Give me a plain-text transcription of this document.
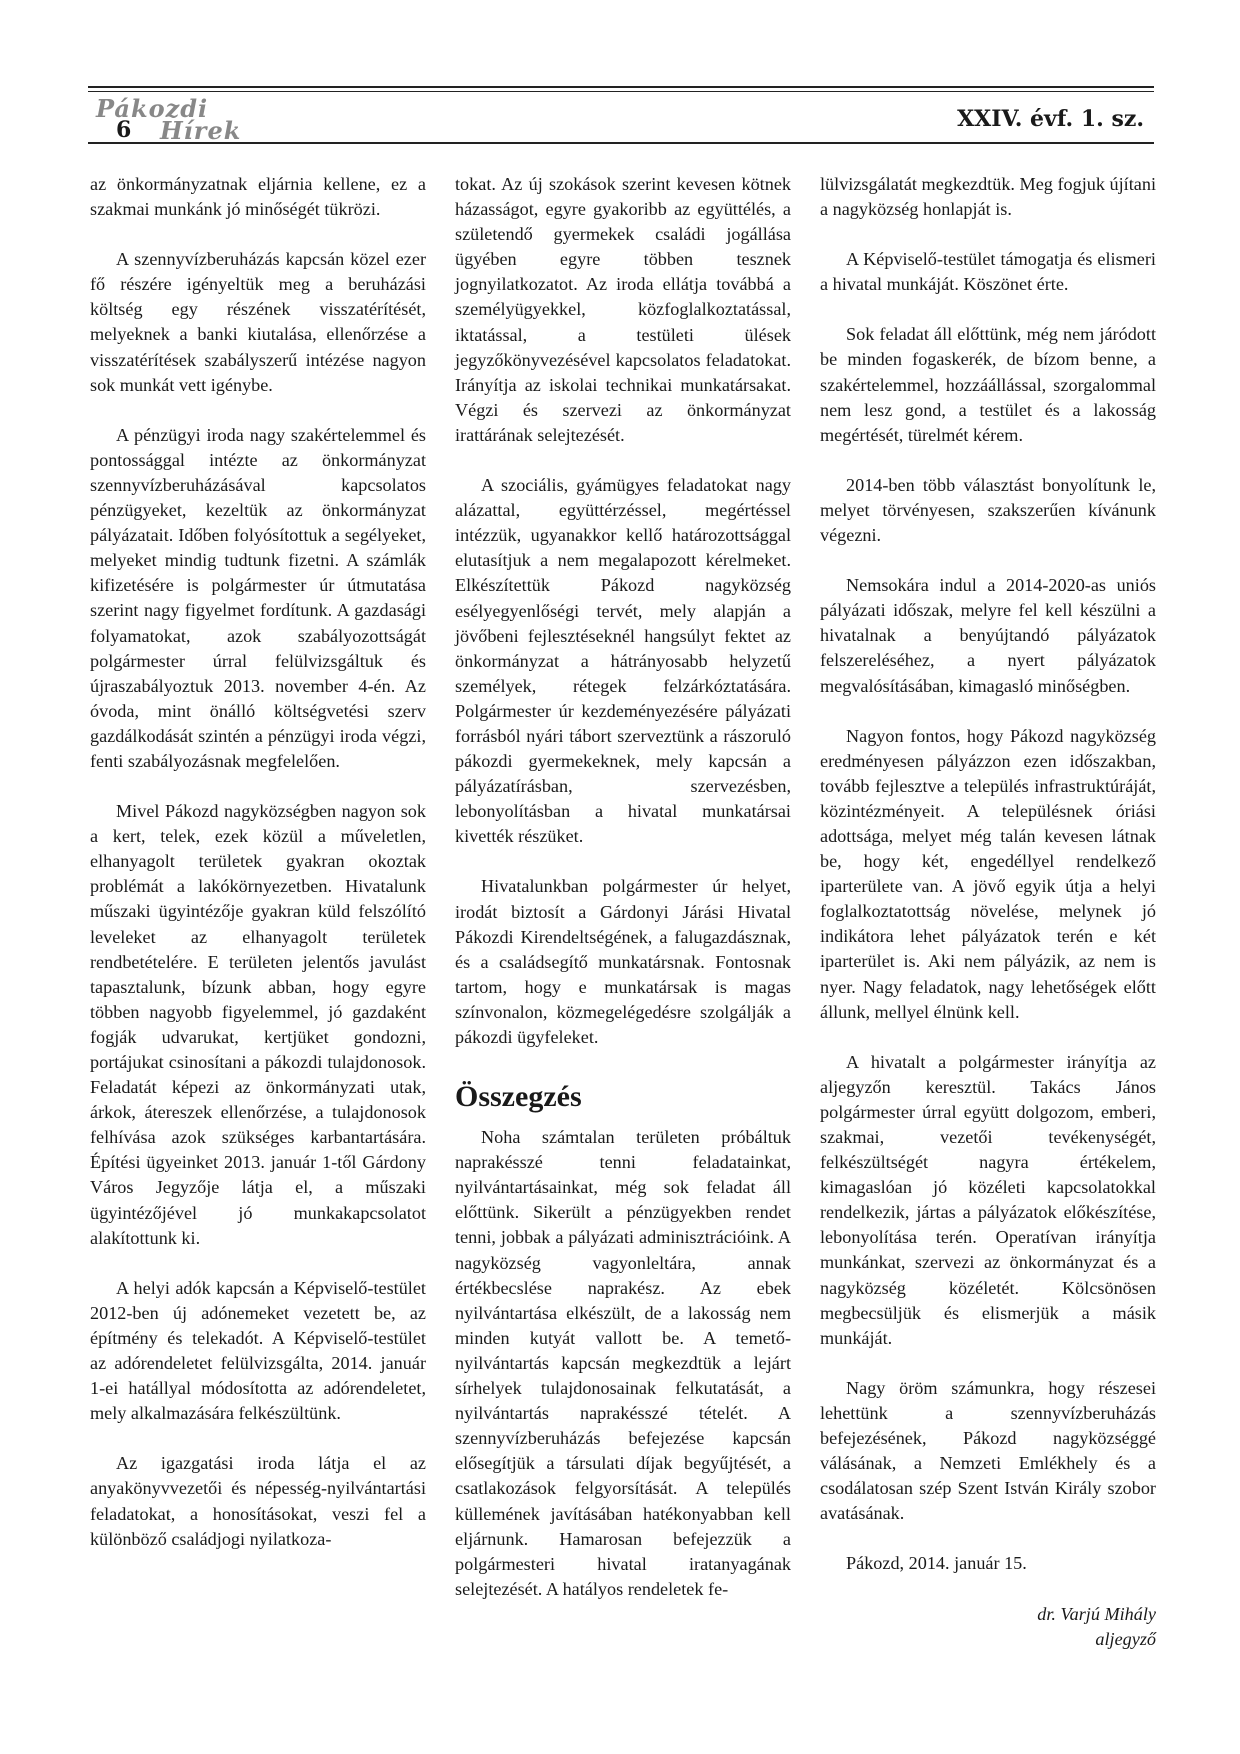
Pákozdi
Hírek
6	XXIV. évf. 1. sz.

az önkormányzatnak eljárnia kellene, ez a szakmai munkánk jó minőségét tükrözi.

A szennyvízberuházás kapcsán közel ezer fő részére igényeltük meg a beruházási költség egy részének visszatérítését, melyeknek a banki kiutalása, ellenőrzése a visszatérítések szabályszerű intézése nagyon sok munkát vett igénybe.

A pénzügyi iroda nagy szakértelemmel és pontossággal intézte az önkormányzat szennyvízberuházásával kapcsolatos pénzügyeket, kezeltük az önkormányzat pályázatait. Időben folyósítottuk a segélyeket, melyeket mindig tudtunk fizetni. A számlák kifizetésére is polgármester úr útmutatása szerint nagy figyelmet fordítunk. A gazdasági folyamatokat, azok szabályozottságát polgármester úrral felülvizsgáltuk és újraszabályoztuk 2013. november 4-én. Az óvoda, mint önálló költségvetési szerv gazdálkodását szintén a pénzügyi iroda végzi, fenti szabályozásnak megfelelően.

Mivel Pákozd nagyközségben nagyon sok a kert, telek, ezek közül a műveletlen, elhanyagolt területek gyakran okoztak problémát a lakókörnyezetben. Hivatalunk műszaki ügyintézője gyakran küld felszólító leveleket az elhanyagolt területek rendbetételére. E területen jelentős javulást tapasztalunk, bízunk abban, hogy egyre többen nagyobb figyelemmel, jó gazdaként fogják udvarukat, kertjüket gondozni, portájukat csinosítani a pákozdi tulajdonosok. Feladatát képezi az önkormányzati utak, árkok, átereszek ellenőrzése, a tulajdonosok felhívása azok szükséges karbantartására. Építési ügyeinket 2013. január 1-től Gárdony Város Jegyzője látja el, a műszaki ügyintézőjével jó munkakapcsolatot alakítottunk ki.

A helyi adók kapcsán a Képviselő-testület 2012-ben új adónemeket vezetett be, az építmény és telekadót. A Képviselő-testület az adórendeletet felülvizsgálta, 2014. január 1-ei hatállyal módosította az adórendeletet, mely alkalmazására felkészültünk.

Az igazgatási iroda látja el az anyakönyvvezetői és népesség-nyilvántartási feladatokat, a honosításokat, veszi fel a különböző családjogi nyilatkoza-

tokat. Az új szokások szerint kevesen kötnek házasságot, egyre gyakoribb az együttélés, a születendő gyermekek családi jogállása ügyében egyre többen tesznek jognyilatkozatot. Az iroda ellátja továbbá a személyügyekkel, közfoglalkoztatással, iktatással, a testületi ülések jegyzőkönyvezésével kapcsolatos feladatokat. Irányítja az iskolai technikai munkatársakat. Végzi és szervezi az önkormányzat irattárának selejtezését.

A szociális, gyámügyes feladatokat nagy alázattal, együttérzéssel, megértéssel intézzük, ugyanakkor kellő határozottsággal elutasítjuk a nem megalapozott kérelmeket. Elkészítettük Pákozd nagyközség esélyegyenlőségi tervét, mely alapján a jövőbeni fejlesztéseknél hangsúlyt fektet az önkormányzat a hátrányosabb helyzetű személyek, rétegek felzárkóztatására. Polgármester úr kezdeményezésére pályázati forrásból nyári tábort szerveztünk a rászoruló pákozdi gyermekeknek, mely kapcsán a pályázatírásban, szervezésben, lebonyolításban a hivatal munkatársai kivették részüket.

Hivatalunkban polgármester úr helyet, irodát biztosít a Gárdonyi Járási Hivatal Pákozdi Kirendeltségének, a falugazdásznak, és a családsegítő munkatársnak. Fontosnak tartom, hogy e munkatársak is magas színvonalon, közmegelégedésre szolgálják a pákozdi ügyfeleket.

Összegzés

Noha számtalan területen próbáltuk naprakésszé tenni feladatainkat, nyilvántartásainkat, még sok feladat áll előttünk. Sikerült a pénzügyekben rendet tenni, jobbak a pályázati adminisztrációink. A nagyközség vagyonleltára, annak értékbecslése naprakész. Az ebek nyilvántartása elkészült, de a lakosság nem minden kutyát vallott be. A temető-nyilvántartás kapcsán megkezdtük a lejárt sírhelyek tulajdonosainak felkutatását, a nyilvántartás naprakésszé tételét. A szennyvízberuházás befejezése kapcsán elősegítjük a társulati díjak begyűjtését, a csatlakozások felgyorsítását. A település küllemének javításában hatékonyabban kell eljárnunk. Hamarosan befejezzük a polgármesteri hivatal iratanyagának selejtezését. A hatályos rendeletek fe-

lülvizsgálatát megkezdtük. Meg fogjuk újítani a nagyközség honlapját is.

A Képviselő-testület támogatja és elismeri a hivatal munkáját. Köszönet érte.

Sok feladat áll előttünk, még nem járódott be minden fogaskerék, de bízom benne, a szakértelemmel, hozzáállással, szorgalommal nem lesz gond, a testület és a lakosság megértését, türelmét kérem.

2014-ben több választást bonyolítunk le, melyet törvényesen, szakszerűen kívánunk végezni.

Nemsokára indul a 2014-2020-as uniós pályázati időszak, melyre fel kell készülni a hivatalnak a benyújtandó pályázatok felszereléséhez, a nyert pályázatok megvalósításában, kimagasló minőségben.

Nagyon fontos, hogy Pákozd nagyközség eredményesen pályázzon ezen időszakban, tovább fejlesztve a település infrastruktúráját, közintézményeit. A településnek óriási adottsága, melyet még talán kevesen látnak be, hogy két, engedéllyel rendelkező iparterülete van. A jövő egyik útja a helyi foglalkoztatottság növelése, melynek jó indikátora lehet pályázatok terén e két iparterület is. Aki nem pályázik, az nem is nyer. Nagy feladatok, nagy lehetőségek előtt állunk, mellyel élnünk kell.

A hivatalt a polgármester irányítja az aljegyzőn keresztül. Takács János polgármester úrral együtt dolgozom, emberi, szakmai, vezetői tevékenységét, felkészültségét nagyra értékelem, kimagaslóan jó közéleti kapcsolatokkal rendelkezik, jártas a pályázatok előkészítése, lebonyolítása terén. Operatívan irányítja munkánkat, szervezi az önkormányzat és a nagyközség közéletét. Kölcsönösen megbecsüljük és elismerjük a másik munkáját.

Nagy öröm számunkra, hogy részesei lehettünk a szennyvízberuházás befejezésének, Pákozd nagyközséggé válásának, a Nemzeti Emlékhely és a csodálatosan szép Szent István Király szobor avatásának.

Pákozd, 2014. január 15.

dr. Varjú Mihály
aljegyző
